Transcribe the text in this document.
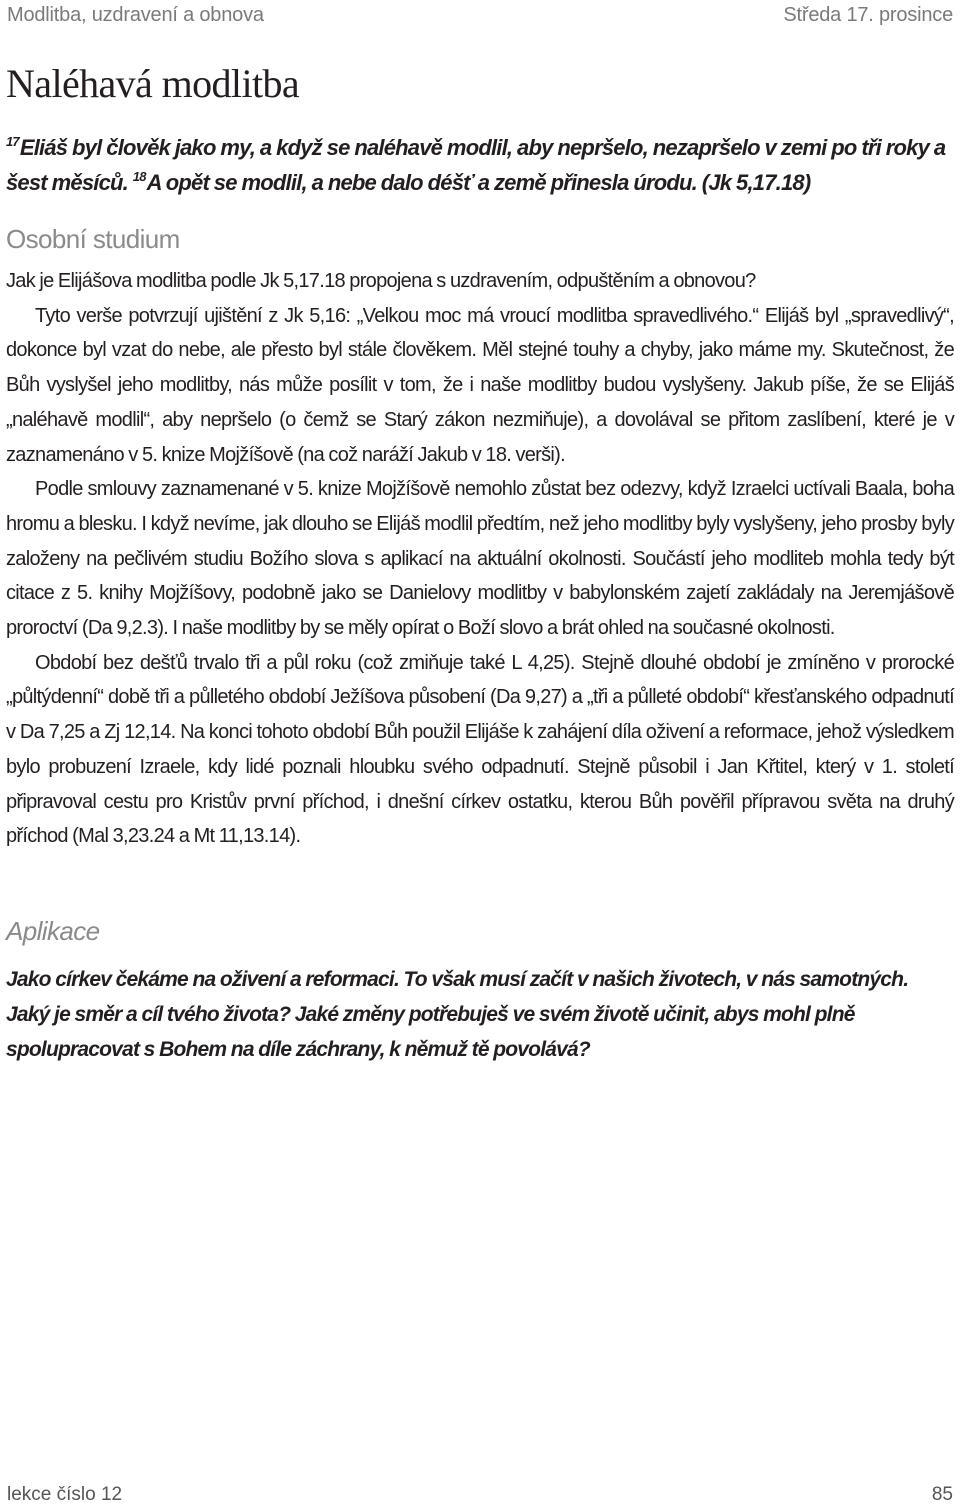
Modlitba, uzdravení a obnova	Středa 17. prosince
Naléhavá modlitba

$^{17}$Eliáš byl člověk jako my, a když se naléhavě modlil, aby nepršelo, nezapršelo v zemi po tři roky a šest měsíců. $^{18}$A opět se modlil, a nebe dalo déšť a země přinesla úrodu. (Jk 5,17.18)

Osobní studium

Jak je Elijášova modlitba podle Jk 5,17.18 propojena s uzdravením, odpuštěním a obnovou?

Tyto verše potvrzují ujištění z Jk 5,16: „Velkou moc má vroucí modlitba spravedlivého.“ Elijáš byl „spravedlivý“, dokonce byl vzat do nebe, ale přesto byl stále člověkem. Měl stejné touhy a chyby, jako máme my. Skutečnost, že Bůh vyslyšel jeho modlitby, nás může posílit v tom, že i naše modlitby budou vyslyšeny. Jakub píše, že se Elijáš „naléhavě modlil“, aby nepršelo (o čemž se Starý zákon nezmiňuje), a dovolával se přitom zaslíbení, které je v zaznamenáno v 5. knize Mojžíšově (na což naráží Jakub v 18. verši).

Podle smlouvy zaznamenané v 5. knize Mojžíšově nemohlo zůstat bez odezvy, když Izraelci uctívali Baala, boha hromu a blesku. I když nevíme, jak dlouho se Elijáš modlil předtím, než jeho modlitby byly vyslyšeny, jeho prosby byly založeny na pečlivém studiu Božího slova s aplikací na aktuální okolnosti. Součástí jeho modliteb mohla tedy být citace z 5. knihy Mojžíšovy, podobně jako se Danielovy modlitby v babylonském zajetí zakládaly na Jeremjášově proroctví (Da 9,2.3). I naše modlitby by se měly opírat o Boží slovo a brát ohled na současné okolnosti.

Období bez dešťů trvalo tři a půl roku (což zmiňuje také L 4,25). Stejně dlouhé období je zmíněno v prorocké „půltýdenní“ době tři a půlletého období Ježíšova působení (Da 9,27) a „tři a půlleté období“ křesťanského odpadnutí v Da 7,25 a Zj 12,14. Na konci tohoto období Bůh použil Elijáše k zahájení díla oživení a reformace, jehož výsledkem bylo probuzení Izraele, kdy lidé poznali hloubku svého odpadnutí. Stejně působil i Jan Křtitel, který v 1. století připravoval cestu pro Kristův první příchod, i dnešní církev ostatku, kterou Bůh pověřil přípravou světa na druhý příchod (Mal 3,23.24 a Mt 11,13.14).

Aplikace

Jako církev čekáme na oživení a reformaci. To však musí začít v našich životech, v nás samotných. Jaký je směr a cíl tvého života? Jaké změny potřebuješ ve svém životě učinit, abys mohl plně spolupracovat s Bohem na díle záchrany, k němuž tě povolává?

lekce číslo 12	85
